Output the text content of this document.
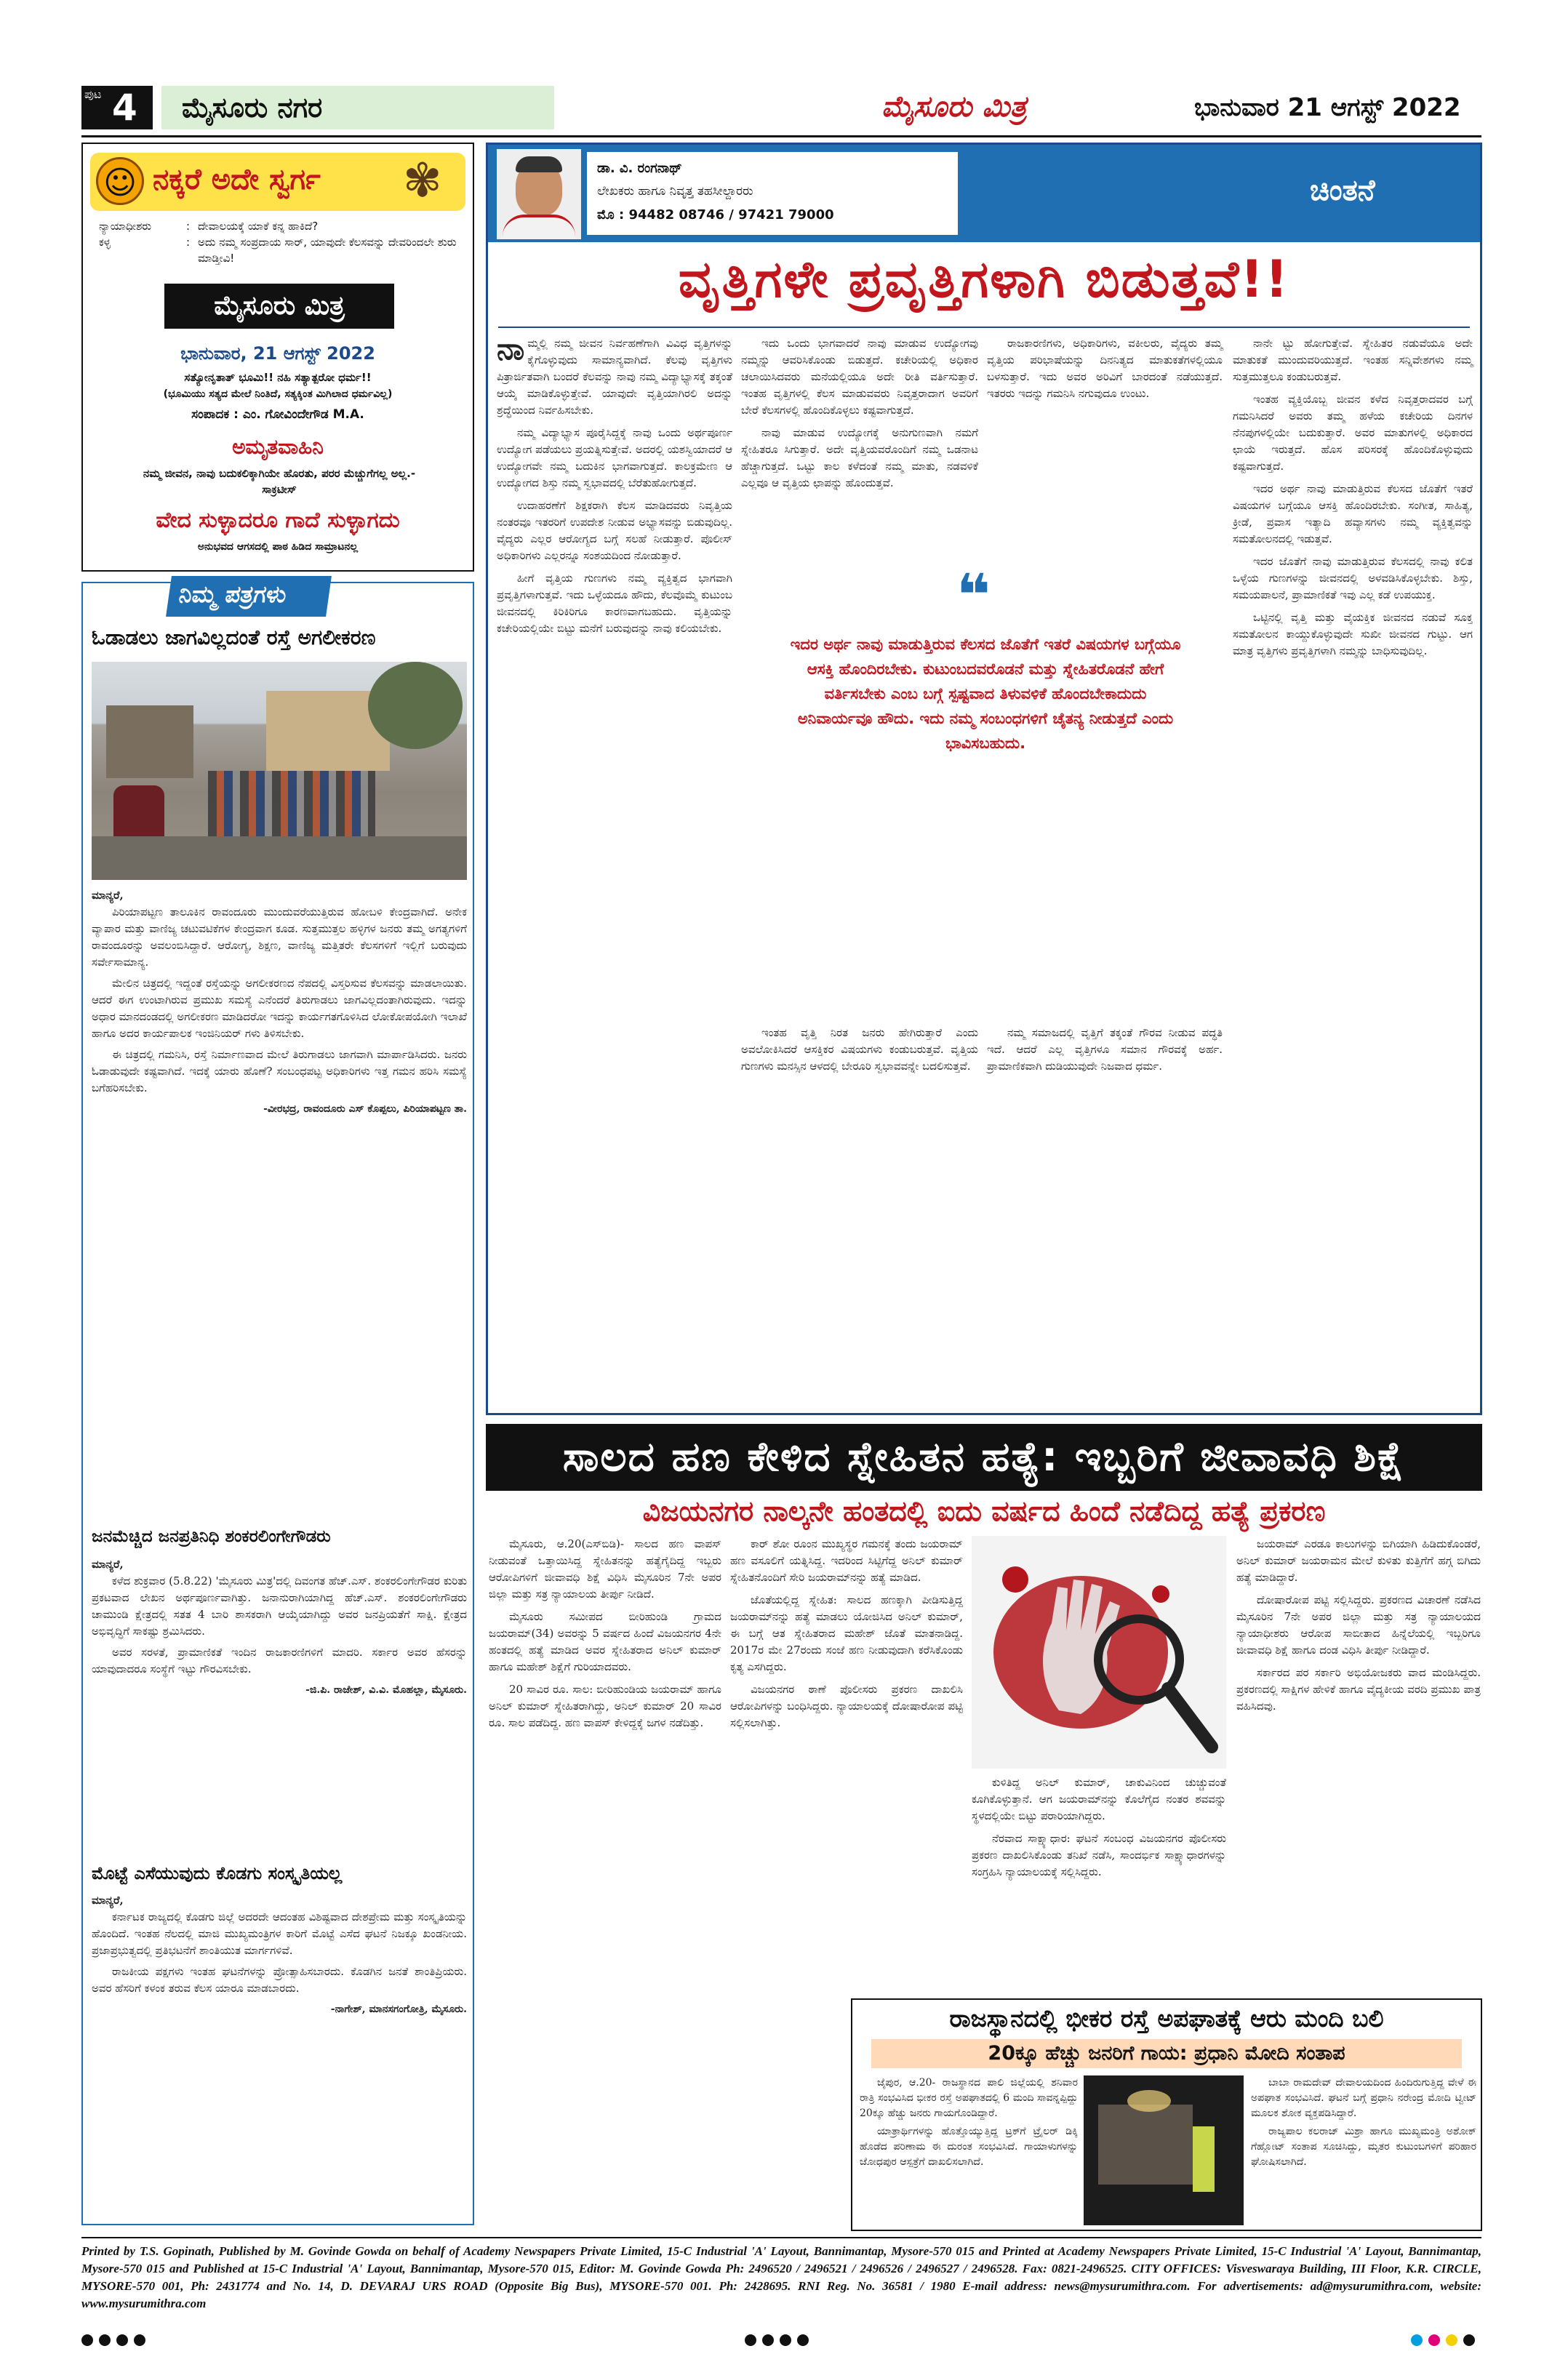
ಪುಟ 4 ಮೈಸೂರು ನಗರ	ಮೈಸೂರು ಮಿತ್ರ	ಭಾನುವಾರ 21 ಆಗಸ್ಟ್ 2022
☺ ನಕ್ಕರೆ ಅದೇ ಸ್ವರ್ಗ ✾
ನ್ಯಾಯಾಧೀಶರು	: ದೇವಾಲಯಕ್ಕೆ ಯಾಕೆ ಕನ್ನ ಹಾಕಿದೆ?
ಕಳ್ಳ	: ಅದು ನಮ್ಮ ಸಂಪ್ರದಾಯ ಸಾರ್, ಯಾವುದೇ ಕೆಲಸವನ್ನು ದೇವರಿಂದಲೇ ಶುರು ಮಾಡ್ತೀವಿ!
ಮೈಸೂರು ಮಿತ್ರ
ಭಾನುವಾರ, 21 ಆಗಸ್ಟ್ 2022
ಸತ್ಯೋನೃತಾತ್ ಭೂಮಿ!! ನಹಿ ಸತ್ಯಾತ್ಪರೋ ಧರ್ಮ!!
(ಭೂಮಿಯು ಸತ್ಯದ ಮೇಲೆ ನಿಂತಿದೆ, ಸತ್ಯಕ್ಕಿಂತ ಮಿಗಿಲಾದ ಧರ್ಮವಿಲ್ಲ)
ಸಂಪಾದಕ : ಎಂ. ಗೋವಿಂದೇಗೌಡ M.A.
ಅಮೃತವಾಹಿನಿ
ನಮ್ಮ ಜೀವನ, ನಾವು ಬದುಕಲಿಕ್ಕಾಗಿಯೇ ಹೊರತು, ಪರರ ಮೆಚ್ಚುಗೆಗಲ್ಲ ಅಲ್ಲ.-ಸಾಕ್ರಟೀಸ್
ವೇದ ಸುಳ್ಳಾದರೂ ಗಾದೆ ಸುಳ್ಳಾಗದು
ಅನುಭವದ ಆಗಸದಲ್ಲಿ ಪಾಠ ಹಿಡಿದ ಸಾಮ್ರಾಟನಲ್ಲ
ನಿಮ್ಮ ಪತ್ರಗಳು
ಓಡಾಡಲು ಜಾಗವಿಲ್ಲದಂತೆ ರಸ್ತೆ ಅಗಲೀಕರಣ
ಮಾನ್ಯರೆ,

ಪಿರಿಯಾಪಟ್ಟಣ ತಾಲೂಕಿನ ರಾವಂದೂರು ಮುಂದುವರೆಯುತ್ತಿರುವ ಹೋಬಳಿ ಕೇಂದ್ರವಾಗಿದೆ. ಅನೇಕ ವ್ಯಾಪಾರ ಮತ್ತು ವಾಣಿಜ್ಯ ಚಟುವಟಿಕೆಗಳ ಕೇಂದ್ರವಾಗ ಕೂಡ. ಸುತ್ತಮುತ್ತಲ ಹಳ್ಳಿಗಳ ಜನರು ತಮ್ಮ ಅಗತ್ಯಗಳಿಗೆ ರಾವಂದೂರನ್ನು ಅವಲಂಬಿಸಿದ್ದಾರೆ. ಆರೋಗ್ಯ, ಶಿಕ್ಷಣ, ವಾಣಿಜ್ಯ ಮತ್ತಿತರೇ ಕೆಲಸಗಳಿಗೆ ಇಲ್ಲಿಗೆ ಬರುವುದು ಸರ್ವೇಸಾಮಾನ್ಯ.

ಮೇಲಿನ ಚಿತ್ರದಲ್ಲಿ ಇದ್ದಂತೆ ರಸ್ತೆಯನ್ನು ಅಗಲೀಕರಣದ ನೆಪದಲ್ಲಿ ವಿಸ್ತರಿಸುವ ಕೆಲಸವನ್ನು ಮಾಡಲಾಯಿತು. ಆದರೆ ಈಗ ಉಂಟಾಗಿರುವ ಪ್ರಮುಖ ಸಮಸ್ಯೆ ಎನೆಂದರೆ ತಿರುಗಾಡಲು ಜಾಗವಿಲ್ಲದಂತಾಗಿರುವುದು. ಇದನ್ನು ಅಧಾರ ಮಾನದಂಡದಲ್ಲಿ ಅಗಲೀಕರಣ ಮಾಡಿದರೋ ಇದನ್ನು ಕಾರ್ಯಗತಗೊಳಿಸಿದ ಲೋಕೋಪಯೋಗಿ ಇಲಾಖೆ ಹಾಗೂ ಅದರ ಕಾರ್ಯಪಾಲಕ ಇಂಜಿನಿಯರ್ ಗಳು ತಿಳಿಸಬೇಕು.

ಈ ಚಿತ್ರದಲ್ಲಿ ಗಮನಿಸಿ, ರಸ್ತೆ ನಿರ್ಮಾಣವಾದ ಮೇಲೆ ತಿರುಗಾಡಲು ಜಾಗವಾಗಿ ಮಾರ್ಪಾಡಿಸಿದರು. ಜನರು ಓಡಾಡುವುದೇ ಕಷ್ಟವಾಗಿದೆ. ಇದಕ್ಕೆ ಯಾರು ಹೊಣೆ? ಸಂಬಂಧಪಟ್ಟ ಅಧಿಕಾರಿಗಳು ಇತ್ತ ಗಮನ ಹರಿಸಿ ಸಮಸ್ಯೆ ಬಗೆಹರಿಸಬೇಕು.

-ವೀರಭದ್ರ, ರಾವಂದೂರು ಎಸ್ ಕೊಪ್ಪಲು, ಪಿರಿಯಾಪಟ್ಟಣ ತಾ.
ಜನಮೆಚ್ಚಿದ ಜನಪ್ರತಿನಿಧಿ ಶಂಕರಲಿಂಗೇಗೌಡರು
ಮಾನ್ಯರೆ,

ಕಳೆದ ಶುಕ್ರವಾರ (5.8.22) 'ಮೈಸೂರು ಮಿತ್ರ'ದಲ್ಲಿ ದಿವಂಗತ ಹೆಚ್.ಎಸ್. ಶಂಕರಲಿಂಗೇಗೌಡರ ಕುರಿತು ಪ್ರಕಟವಾದ ಲೇಖನ ಅರ್ಥಪೂರ್ಣವಾಗಿತ್ತು. ಜನಾನುರಾಗಿಯಾಗಿದ್ದ ಹೆಚ್.ಎಸ್. ಶಂಕರಲಿಂಗೇಗೌಡರು ಚಾಮುಂಡಿ ಕ್ಷೇತ್ರದಲ್ಲಿ ಸತತ 4 ಬಾರಿ ಶಾಸಕರಾಗಿ ಆಯ್ಕೆಯಾಗಿದ್ದು ಅವರ ಜನಪ್ರಿಯತೆಗೆ ಸಾಕ್ಷಿ. ಕ್ಷೇತ್ರದ ಅಭಿವೃದ್ಧಿಗೆ ಸಾಕಷ್ಟು ಶ್ರಮಿಸಿದರು.

ಅವರ ಸರಳತೆ, ಪ್ರಾಮಾಣಿಕತೆ ಇಂದಿನ ರಾಜಕಾರಣಿಗಳಿಗೆ ಮಾದರಿ. ಸರ್ಕಾರ ಅವರ ಹೆಸರನ್ನು ಯಾವುದಾದರೂ ಸಂಸ್ಥೆಗೆ ಇಟ್ಟು ಗೌರವಿಸಬೇಕು.

-ಜಿ.ಪಿ. ರಾಜೇಶ್, ವಿ.ವಿ. ಮೊಹಲ್ಲಾ, ಮೈಸೂರು.
ಮೊಟ್ಟೆ ಎಸೆಯುವುದು ಕೊಡಗು ಸಂಸ್ಕೃತಿಯಲ್ಲ
ಮಾನ್ಯರೆ,

ಕರ್ನಾಟಕ ರಾಜ್ಯದಲ್ಲಿ ಕೊಡಗು ಜಿಲ್ಲೆ ಅದರದೇ ಆದಂತಹ ವಿಶಿಷ್ಟವಾದ ದೇಶಪ್ರೇಮ ಮತ್ತು ಸಂಸ್ಕೃತಿಯನ್ನು ಹೊಂದಿದೆ. ಇಂತಹ ನೆಲದಲ್ಲಿ ಮಾಜಿ ಮುಖ್ಯಮಂತ್ರಿಗಳ ಕಾರಿಗೆ ಮೊಟ್ಟೆ ಎಸೆದ ಘಟನೆ ನಿಜಕ್ಕೂ ಖಂಡನೀಯ. ಪ್ರಜಾಪ್ರಭುತ್ವದಲ್ಲಿ ಪ್ರತಿಭಟನೆಗೆ ಶಾಂತಿಯುತ ಮಾರ್ಗಗಳಿವೆ.

ರಾಜಕೀಯ ಪಕ್ಷಗಳು ಇಂತಹ ಘಟನೆಗಳನ್ನು ಪ್ರೋತ್ಸಾಹಿಸಬಾರದು. ಕೊಡಗಿನ ಜನತೆ ಶಾಂತಿಪ್ರಿಯರು. ಅವರ ಹೆಸರಿಗೆ ಕಳಂಕ ತರುವ ಕೆಲಸ ಯಾರೂ ಮಾಡಬಾರದು.

-ನಾಗೇಶ್, ಮಾನಸಗಂಗೋತ್ರಿ, ಮೈಸೂರು.
ಡಾ. ವಿ. ರಂಗನಾಥ್
ಲೇಖಕರು ಹಾಗೂ ನಿವೃತ್ತ ತಹಸೀಲ್ದಾರರು
ಮೊ : 94482 08746 / 97421 79000
ಚಿಂತನೆ
ವೃತ್ತಿಗಳೇ ಪ್ರವೃತ್ತಿಗಳಾಗಿ ಬಿಡುತ್ತವೆ!!

ನಾಮ್ಮಲ್ಲಿ ನಮ್ಮ ಜೀವನ ನಿರ್ವಹಣೆಗಾಗಿ ವಿವಿಧ ವೃತ್ತಿಗಳನ್ನು ಕೈಗೊಳ್ಳುವುದು ಸಾಮಾನ್ಯವಾಗಿದೆ. ಕೆಲವು ವೃತ್ತಿಗಳು ಪಿತ್ರಾರ್ಜಿತವಾಗಿ ಬಂದರೆ ಕೆಲವನ್ನು ನಾವು ನಮ್ಮ ವಿದ್ಯಾಭ್ಯಾಸಕ್ಕೆ ತಕ್ಕಂತೆ ಆಯ್ಕೆ ಮಾಡಿಕೊಳ್ಳುತ್ತೇವೆ. ಯಾವುದೇ ವೃತ್ತಿಯಾಗಿರಲಿ ಅದನ್ನು ಶ್ರದ್ಧೆಯಿಂದ ನಿರ್ವಹಿಸಬೇಕು.

ನಮ್ಮ ವಿದ್ಯಾಭ್ಯಾಸ ಪೂರೈಸಿದ್ದಕ್ಕೆ ನಾವು ಒಂದು ಅರ್ಥಪೂರ್ಣ ಉದ್ಯೋಗ ಪಡೆಯಲು ಪ್ರಯತ್ನಿಸುತ್ತೇವೆ. ಅದರಲ್ಲಿ ಯಶಸ್ವಿಯಾದರೆ ಆ ಉದ್ಯೋಗವೇ ನಮ್ಮ ಬದುಕಿನ ಭಾಗವಾಗುತ್ತದೆ. ಕಾಲಕ್ರಮೇಣ ಆ ಉದ್ಯೋಗದ ಶಿಸ್ತು ನಮ್ಮ ಸ್ವಭಾವದಲ್ಲಿ ಬೆರೆತುಹೋಗುತ್ತದೆ.

ಉದಾಹರಣೆಗೆ ಶಿಕ್ಷಕರಾಗಿ ಕೆಲಸ ಮಾಡಿದವರು ನಿವೃತ್ತಿಯ ನಂತರವೂ ಇತರರಿಗೆ ಉಪದೇಶ ನೀಡುವ ಅಭ್ಯಾಸವನ್ನು ಬಿಡುವುದಿಲ್ಲ. ವೈದ್ಯರು ಎಲ್ಲರ ಆರೋಗ್ಯದ ಬಗ್ಗೆ ಸಲಹೆ ನೀಡುತ್ತಾರೆ. ಪೊಲೀಸ್ ಅಧಿಕಾರಿಗಳು ಎಲ್ಲರನ್ನೂ ಸಂಶಯದಿಂದ ನೋಡುತ್ತಾರೆ.

ಹೀಗೆ ವೃತ್ತಿಯ ಗುಣಗಳು ನಮ್ಮ ವ್ಯಕ್ತಿತ್ವದ ಭಾಗವಾಗಿ ಪ್ರವೃತ್ತಿಗಳಾಗುತ್ತವೆ. ಇದು ಒಳ್ಳೆಯದೂ ಹೌದು, ಕೆಲವೊಮ್ಮೆ ಕುಟುಂಬ ಜೀವನದಲ್ಲಿ ಕಿರಿಕಿರಿಗೂ ಕಾರಣವಾಗಬಹುದು. ವೃತ್ತಿಯನ್ನು ಕಚೇರಿಯಲ್ಲಿಯೇ ಬಿಟ್ಟು ಮನೆಗೆ ಬರುವುದನ್ನು ನಾವು ಕಲಿಯಬೇಕು.

ಇದು ಒಂದು ಭಾಗವಾದರೆ ನಾವು ಮಾಡುವ ಉದ್ಯೋಗವು ನಮ್ಮನ್ನು ಆವರಿಸಿಕೊಂಡು ಬಿಡುತ್ತದೆ. ಕಚೇರಿಯಲ್ಲಿ ಅಧಿಕಾರ ಚಲಾಯಿಸಿದವರು ಮನೆಯಲ್ಲಿಯೂ ಅದೇ ರೀತಿ ವರ್ತಿಸುತ್ತಾರೆ. ಇಂತಹ ವೃತ್ತಿಗಳಲ್ಲಿ ಕೆಲಸ ಮಾಡುವವರು ನಿವೃತ್ತರಾದಾಗ ಅವರಿಗೆ ಬೇರೆ ಕೆಲಸಗಳಲ್ಲಿ ಹೊಂದಿಕೊಳ್ಳಲು ಕಷ್ಟವಾಗುತ್ತದೆ.

ನಾವು ಮಾಡುವ ಉದ್ಯೋಗಕ್ಕೆ ಅನುಗುಣವಾಗಿ ನಮಗೆ ಸ್ನೇಹಿತರೂ ಸಿಗುತ್ತಾರೆ. ಅದೇ ವೃತ್ತಿಯವರೊಂದಿಗೆ ನಮ್ಮ ಒಡನಾಟ ಹೆಚ್ಚಾಗುತ್ತದೆ. ಒಟ್ಟು ಕಾಲ ಕಳೆದಂತೆ ನಮ್ಮ ಮಾತು, ನಡವಳಿಕೆ ಎಲ್ಲವೂ ಆ ವೃತ್ತಿಯ ಛಾಪನ್ನು ಹೊಂದುತ್ತವೆ.

ರಾಜಕಾರಣಿಗಳು, ಅಧಿಕಾರಿಗಳು, ವಕೀಲರು, ವೈದ್ಯರು ತಮ್ಮ ವೃತ್ತಿಯ ಪರಿಭಾಷೆಯನ್ನು ದಿನನಿತ್ಯದ ಮಾತುಕತೆಗಳಲ್ಲಿಯೂ ಬಳಸುತ್ತಾರೆ. ಇದು ಅವರ ಅರಿವಿಗೆ ಬಾರದಂತೆ ನಡೆಯುತ್ತದೆ. ಇತರರು ಇದನ್ನು ಗಮನಿಸಿ ನಗುವುದೂ ಉಂಟು.

❝
ಇದರ ಅರ್ಥ ನಾವು ಮಾಡುತ್ತಿರುವ ಕೆಲಸದ ಜೊತೆಗೆ ಇತರೆ ವಿಷಯಗಳ ಬಗ್ಗೆಯೂ ಆಸಕ್ತಿ ಹೊಂದಿರಬೇಕು. ಕುಟುಂಬದವರೊಡನೆ ಮತ್ತು ಸ್ನೇಹಿತರೊಡನೆ ಹೇಗೆ ವರ್ತಿಸಬೇಕು ಎಂಬ ಬಗ್ಗೆ ಸ್ಪಷ್ಟವಾದ ತಿಳುವಳಿಕೆ ಹೊಂದಬೇಕಾದುದು ಅನಿವಾರ್ಯವೂ ಹೌದು. ಇದು ನಮ್ಮ ಸಂಬಂಧಗಳಿಗೆ ಚೈತನ್ಯ ನೀಡುತ್ತದೆ ಎಂದು ಭಾವಿಸಬಹುದು.

ಇಂತಹ ವೃತ್ತಿ ನಿರತ ಜನರು ಹೇಗಿರುತ್ತಾರೆ ಎಂದು ಅವಲೋಕಿಸಿದರೆ ಆಸಕ್ತಿಕರ ವಿಷಯಗಳು ಕಂಡುಬರುತ್ತವೆ. ವೃತ್ತಿಯ ಗುಣಗಳು ಮನಸ್ಸಿನ ಆಳದಲ್ಲಿ ಬೇರೂರಿ ಸ್ವಭಾವವನ್ನೇ ಬದಲಿಸುತ್ತವೆ.

ನಮ್ಮ ಸಮಾಜದಲ್ಲಿ ವೃತ್ತಿಗೆ ತಕ್ಕಂತೆ ಗೌರವ ನೀಡುವ ಪದ್ಧತಿ ಇದೆ. ಆದರೆ ಎಲ್ಲ ವೃತ್ತಿಗಳೂ ಸಮಾನ ಗೌರವಕ್ಕೆ ಅರ್ಹ. ಪ್ರಾಮಾಣಿಕವಾಗಿ ದುಡಿಯುವುದೇ ನಿಜವಾದ ಧರ್ಮ.

ನಾನೇ ಟ್ಟು ಹೋಗುತ್ತೇವೆ. ಸ್ನೇಹಿತರ ನಡುವೆಯೂ ಅದೇ ಮಾತುಕತೆ ಮುಂದುವರಿಯುತ್ತದೆ. ಇಂತಹ ಸನ್ನಿವೇಶಗಳು ನಮ್ಮ ಸುತ್ತಮುತ್ತಲೂ ಕಂಡುಬರುತ್ತವೆ.

ಇಂತಹ ವ್ಯಕ್ತಿಯೊಬ್ಬ ಜೀವನ ಕಳೆದ ನಿವೃತ್ತರಾದವರ ಬಗ್ಗೆ ಗಮನಿಸಿದರೆ ಅವರು ತಮ್ಮ ಹಳೆಯ ಕಚೇರಿಯ ದಿನಗಳ ನೆನಪುಗಳಲ್ಲಿಯೇ ಬದುಕುತ್ತಾರೆ. ಅವರ ಮಾತುಗಳಲ್ಲಿ ಅಧಿಕಾರದ ಛಾಯೆ ಇರುತ್ತದೆ. ಹೊಸ ಪರಿಸರಕ್ಕೆ ಹೊಂದಿಕೊಳ್ಳುವುದು ಕಷ್ಟವಾಗುತ್ತದೆ.

ಇದರ ಅರ್ಥ ನಾವು ಮಾಡುತ್ತಿರುವ ಕೆಲಸದ ಜೊತೆಗೆ ಇತರೆ ವಿಷಯಗಳ ಬಗ್ಗೆಯೂ ಆಸಕ್ತಿ ಹೊಂದಿರಬೇಕು. ಸಂಗೀತ, ಸಾಹಿತ್ಯ, ಕ್ರೀಡೆ, ಪ್ರವಾಸ ಇತ್ಯಾದಿ ಹವ್ಯಾಸಗಳು ನಮ್ಮ ವ್ಯಕ್ತಿತ್ವವನ್ನು ಸಮತೋಲನದಲ್ಲಿ ಇಡುತ್ತವೆ.

ಇದರ ಜೊತೆಗೆ ನಾವು ಮಾಡುತ್ತಿರುವ ಕೆಲಸದಲ್ಲಿ ನಾವು ಕಲಿತ ಒಳ್ಳೆಯ ಗುಣಗಳನ್ನು ಜೀವನದಲ್ಲಿ ಅಳವಡಿಸಿಕೊಳ್ಳಬೇಕು. ಶಿಸ್ತು, ಸಮಯಪಾಲನೆ, ಪ್ರಾಮಾಣಿಕತೆ ಇವು ಎಲ್ಲ ಕಡೆ ಉಪಯುಕ್ತ.

ಒಟ್ಟಿನಲ್ಲಿ ವೃತ್ತಿ ಮತ್ತು ವೈಯಕ್ತಿಕ ಜೀವನದ ನಡುವೆ ಸೂಕ್ತ ಸಮತೋಲನ ಕಾಯ್ದುಕೊಳ್ಳುವುದೇ ಸುಖೀ ಜೀವನದ ಗುಟ್ಟು. ಆಗ ಮಾತ್ರ ವೃತ್ತಿಗಳು ಪ್ರವೃತ್ತಿಗಳಾಗಿ ನಮ್ಮನ್ನು ಬಾಧಿಸುವುದಿಲ್ಲ.

ಸಾಲದ ಹಣ ಕೇಳಿದ ಸ್ನೇಹಿತನ ಹತ್ಯೆ: ಇಬ್ಬರಿಗೆ ಜೀವಾವಧಿ ಶಿಕ್ಷೆ
ವಿಜಯನಗರ ನಾಲ್ಕನೇ ಹಂತದಲ್ಲಿ ಐದು ವರ್ಷದ ಹಿಂದೆ ನಡೆದಿದ್ದ ಹತ್ಯೆ ಪ್ರಕರಣ

ಮೈಸೂರು, ಆ.20(ಎಸ್‍ಬಿಡಿ)- ಸಾಲದ ಹಣ ವಾಪಸ್ ನೀಡುವಂತೆ ಒತ್ತಾಯಿಸಿದ್ದ ಸ್ನೇಹಿತನನ್ನು ಹತ್ಯೆಗೈದಿದ್ದ ಇಬ್ಬರು ಆರೋಪಿಗಳಿಗೆ ಜೀವಾವಧಿ ಶಿಕ್ಷೆ ವಿಧಿಸಿ ಮೈಸೂರಿನ 7ನೇ ಅಪರ ಜಿಲ್ಲಾ ಮತ್ತು ಸತ್ರ ನ್ಯಾಯಾಲಯ ತೀರ್ಪು ನೀಡಿದೆ.

ಮೈಸೂರು ಸಮೀಪದ ಬೀರಿಹುಂಡಿ ಗ್ರಾಮದ ಜಯರಾಮ್(34) ಅವರನ್ನು 5 ವರ್ಷದ ಹಿಂದೆ ವಿಜಯನಗರ 4ನೇ ಹಂತದಲ್ಲಿ ಹತ್ಯೆ ಮಾಡಿದ ಅವರ ಸ್ನೇಹಿತರಾದ ಅನಿಲ್ ಕುಮಾರ್ ಹಾಗೂ ಮಹೇಶ್ ಶಿಕ್ಷೆಗೆ ಗುರಿಯಾದವರು.

20 ಸಾವಿರ ರೂ. ಸಾಲ: ಬೀರಿಹುಂಡಿಯ ಜಯರಾಮ್ ಹಾಗೂ ಅನಿಲ್ ಕುಮಾರ್ ಸ್ನೇಹಿತರಾಗಿದ್ದು, ಅನಿಲ್ ಕುಮಾರ್ 20 ಸಾವಿರ ರೂ. ಸಾಲ ಪಡೆದಿದ್ದ. ಹಣ ವಾಪಸ್ ಕೇಳಿದ್ದಕ್ಕೆ ಜಗಳ ನಡೆದಿತ್ತು.

ಕಾರ್ ಶೋ ರೂಂನ ಮುಖ್ಯಸ್ಥರ ಗಮನಕ್ಕೆ ತಂದು ಜಯರಾಮ್ ಹಣ ವಸೂಲಿಗೆ ಯತ್ನಿಸಿದ್ದ. ಇದರಿಂದ ಸಿಟ್ಟಿಗೆದ್ದ ಅನಿಲ್ ಕುಮಾರ್ ಸ್ನೇಹಿತನೊಂದಿಗೆ ಸೇರಿ ಜಯರಾಮ್‍ನನ್ನು ಹತ್ಯೆ ಮಾಡಿದ.

ಜೊತೆಯಲ್ಲಿದ್ದ ಸ್ನೇಹಿತ: ಸಾಲದ ಹಣಕ್ಕಾಗಿ ಪೀಡಿಸುತ್ತಿದ್ದ ಜಯರಾಮ್‍ನನ್ನು ಹತ್ಯೆ ಮಾಡಲು ಯೋಜಿಸಿದ ಅನಿಲ್ ಕುಮಾರ್, ಈ ಬಗ್ಗೆ ಆತ ಸ್ನೇಹಿತರಾದ ಮಹೇಶ್ ಜೊತೆ ಮಾತನಾಡಿದ್ದ. 2017ರ ಮೇ 27ರಂದು ಸಂಜೆ ಹಣ ನೀಡುವುದಾಗಿ ಕರೆಸಿಕೊಂಡು ಕೃತ್ಯ ಎಸಗಿದ್ದರು.

ವಿಜಯನಗರ ಠಾಣೆ ಪೊಲೀಸರು ಪ್ರಕರಣ ದಾಖಲಿಸಿ ಆರೋಪಿಗಳನ್ನು ಬಂಧಿಸಿದ್ದರು. ನ್ಯಾಯಾಲಯಕ್ಕೆ ದೋಷಾರೋಪ ಪಟ್ಟಿ ಸಲ್ಲಿಸಲಾಗಿತ್ತು.

ಕುಳಿತಿದ್ದ ಅನಿಲ್ ಕುಮಾರ್, ಚಾಕುವಿನಿಂದ ಚುಚ್ಚುವಂತೆ ಕೂಗಿಕೊಳ್ಳುತ್ತಾನೆ. ಆಗ ಜಯರಾಮ್‍ನನ್ನು ಕೊಲೆಗೈದ ನಂತರ ಶವವನ್ನು ಸ್ಥಳದಲ್ಲಿಯೇ ಬಿಟ್ಟು ಪರಾರಿಯಾಗಿದ್ದರು.

ನೆರವಾದ ಸಾಕ್ಷ್ಯಾಧಾರ: ಘಟನೆ ಸಂಬಂಧ ವಿಜಯನಗರ ಪೊಲೀಸರು ಪ್ರಕರಣ ದಾಖಲಿಸಿಕೊಂಡು ತನಿಖೆ ನಡೆಸಿ, ಸಾಂದರ್ಭಿಕ ಸಾಕ್ಷ್ಯಾಧಾರಗಳನ್ನು ಸಂಗ್ರಹಿಸಿ ನ್ಯಾಯಾಲಯಕ್ಕೆ ಸಲ್ಲಿಸಿದ್ದರು.

ಜಯರಾಮ್ ಎರಡೂ ಕಾಲುಗಳನ್ನು ಬಿಗಿಯಾಗಿ ಹಿಡಿದುಕೊಂಡರೆ, ಅನಿಲ್ ಕುಮಾರ್ ಜಯರಾಮನ ಮೇಲೆ ಕುಳಿತು ಕುತ್ತಿಗೆಗೆ ಹಗ್ಗ ಬಿಗಿದು ಹತ್ಯೆ ಮಾಡಿದ್ದಾರೆ.

ದೋಷಾರೋಪ ಪಟ್ಟಿ ಸಲ್ಲಿಸಿದ್ದರು. ಪ್ರಕರಣದ ವಿಚಾರಣೆ ನಡೆಸಿದ ಮೈಸೂರಿನ 7ನೇ ಅಪರ ಜಿಲ್ಲಾ ಮತ್ತು ಸತ್ರ ನ್ಯಾಯಾಲಯದ ನ್ಯಾಯಾಧೀಶರು ಆರೋಪ ಸಾಬೀತಾದ ಹಿನ್ನೆಲೆಯಲ್ಲಿ ಇಬ್ಬರಿಗೂ ಜೀವಾವಧಿ ಶಿಕ್ಷೆ ಹಾಗೂ ದಂಡ ವಿಧಿಸಿ ತೀರ್ಪು ನೀಡಿದ್ದಾರೆ.

ಸರ್ಕಾರದ ಪರ ಸರ್ಕಾರಿ ಅಭಿಯೋಜಕರು ವಾದ ಮಂಡಿಸಿದ್ದರು. ಪ್ರಕರಣದಲ್ಲಿ ಸಾಕ್ಷಿಗಳ ಹೇಳಿಕೆ ಹಾಗೂ ವೈದ್ಯಕೀಯ ವರದಿ ಪ್ರಮುಖ ಪಾತ್ರ ವಹಿಸಿದವು.

ರಾಜಸ್ಥಾನದಲ್ಲಿ ಭೀಕರ ರಸ್ತೆ ಅಪಘಾತಕ್ಕೆ ಆರು ಮಂದಿ ಬಲಿ
20ಕ್ಕೂ ಹೆಚ್ಚು ಜನರಿಗೆ ಗಾಯ: ಪ್ರಧಾನಿ ಮೋದಿ ಸಂತಾಪ

ಜೈಪುರ, ಆ.20- ರಾಜಸ್ಥಾನದ ಪಾಲಿ ಜಿಲ್ಲೆಯಲ್ಲಿ ಶನಿವಾರ ರಾತ್ರಿ ಸಂಭವಿಸಿದ ಭೀಕರ ರಸ್ತೆ ಅಪಘಾತದಲ್ಲಿ 6 ಮಂದಿ ಸಾವನ್ನಪ್ಪಿದ್ದು 20ಕ್ಕೂ ಹೆಚ್ಚು ಜನರು ಗಾಯಗೊಂಡಿದ್ದಾರೆ.

ಯಾತ್ರಾರ್ಥಿಗಳನ್ನು ಹೊತ್ತೊಯ್ಯುತ್ತಿದ್ದ ಟ್ರಕ್‍ಗೆ ಟ್ರೈಲರ್ ಡಿಕ್ಕಿ ಹೊಡೆದ ಪರಿಣಾಮ ಈ ದುರಂತ ಸಂಭವಿಸಿದೆ. ಗಾಯಾಳುಗಳನ್ನು ಜೋಧಪುರ ಆಸ್ಪತ್ರೆಗೆ ದಾಖಲಿಸಲಾಗಿದೆ.

ಬಾಬಾ ರಾಮದೇವ್ ದೇವಾಲಯದಿಂದ ಹಿಂದಿರುಗುತ್ತಿದ್ದ ವೇಳೆ ಈ ಅಪಘಾತ ಸಂಭವಿಸಿದೆ. ಘಟನೆ ಬಗ್ಗೆ ಪ್ರಧಾನಿ ನರೇಂದ್ರ ಮೋದಿ ಟ್ವೀಟ್ ಮೂಲಕ ಶೋಕ ವ್ಯಕ್ತಪಡಿಸಿದ್ದಾರೆ.

ರಾಜ್ಯಪಾಲ ಕಲರಾಜ್ ಮಿಶ್ರಾ ಹಾಗೂ ಮುಖ್ಯಮಂತ್ರಿ ಅಶೋಕ್ ಗೆಹ್ಲೋಟ್ ಸಂತಾಪ ಸೂಚಿಸಿದ್ದು, ಮೃತರ ಕುಟುಂಬಗಳಿಗೆ ಪರಿಹಾರ ಘೋಷಿಸಲಾಗಿದೆ.

Printed by T.S. Gopinath, Published by M. Govinde Gowda on behalf of Academy Newspapers Private Limited, 15-C Industrial 'A' Layout, Bannimantap, Mysore-570 015 and Printed at Academy Newspapers Private Limited, 15-C Industrial 'A' Layout, Bannimantap, Mysore-570 015 and Published at 15-C Industrial 'A' Layout, Bannimantap, Mysore-570 015, Editor: M. Govinde Gowda Ph: 2496520 / 2496521 / 2496526 / 2496527 / 2496528. Fax: 0821-2496525. CITY OFFICES: Visveswaraya Building, III Floor, K.R. CIRCLE, MYSORE-570 001, Ph: 2431774 and No. 14, D. DEVARAJ URS ROAD (Opposite Big Bus), MYSORE-570 001. Ph: 2428695. RNI Reg. No. 36581 / 1980 E-mail address: news@mysurumithra.com. For advertisements: ad@mysurumithra.com, website: www.mysurumithra.com
